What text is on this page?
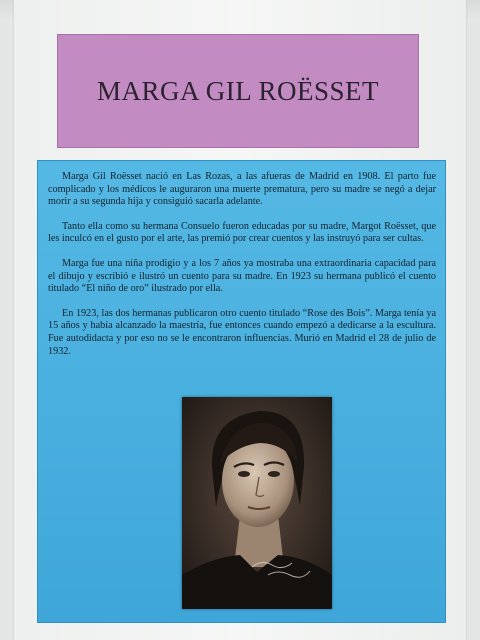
MARGA GIL ROËSSET

Marga Gil Roësset nació en Las Rozas, a las afueras de Madrid en 1908. El parto fue complicado y los médicos le auguraron una muerte prematura, pero su madre se negó a dejar morir a su segunda hija y consiguió sacarla adelante.

Tanto ella como su hermana Consuelo fueron educadas por su madre, Margot Roësset, que les inculcó en el gusto por el arte, las premió por crear cuentos y las instruyó para ser cultas.

Marga fue una niña prodigio y a los 7 años ya mostraba una extraordinaria capacidad para el dibujo y escribió e ilustró un cuento para su madre. En 1923 su hermana publicó el cuento titulado “El niño de oro” ilustrado por ella.

En 1923, las dos hermanas publicaron otro cuento titulado “Rose des Bois”. Marga tenía ya 15 años y había alcanzado la maestría, fue entonces cuando empezó a dedicarse a la escultura. Fue autodidacta y por eso no se le encontraron influencias. Murió en Madrid el 28 de julio de 1932.
